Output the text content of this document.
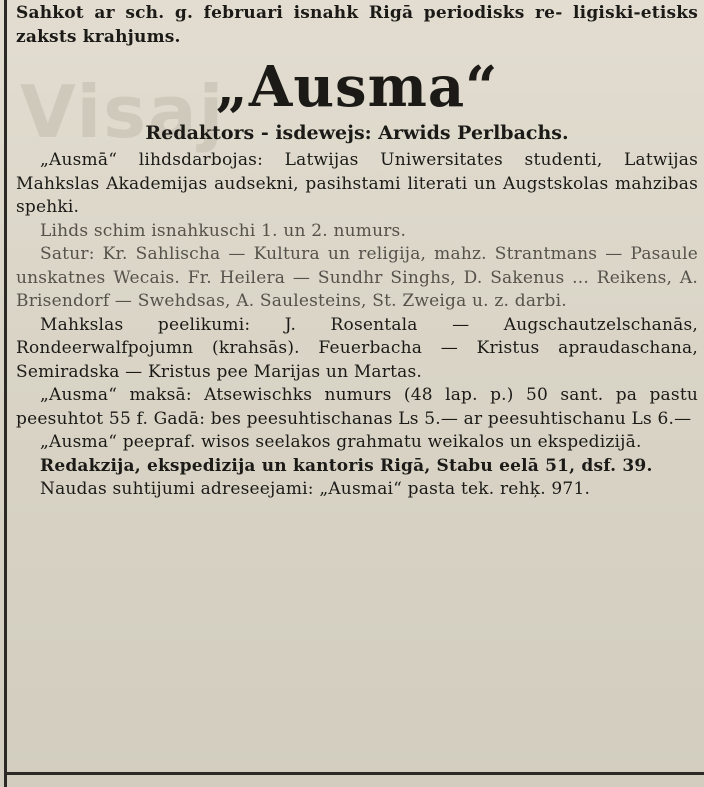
Visaj

Sahkot ar sch. g. februari isnahk Rigā periodisks re- ligiski-etisks zaksts krahjums.

„Ausma“

Redaktors - isdewejs: Arwids Perlbachs.

„Ausmā“ lihdsdarbojas: Latwijas Uniwersitates studenti, Latwijas Mahkslas Akademijas audsekni, pasihstami literati un Augstskolas mahzibas spehki.

Lihds schim isnahkuschi 1. un 2. numurs.

Satur: Kr. Sahlischa — Kultura un religija, mahz. Strantmans — Pasaule unskatnes Wecais. Fr. Heilera — Sundhr Singhs, D. Sakenus ... Reikens, A. Brisendorf — Swehdsas, A. Saulesteins, St. Zweiga u. z. darbi.

Mahkslas peelikumi: J. Rosentala — Augschautzelschanās, Rondeerwalfpojumn (krahsās). Feuerbacha — Kristus apraudaschana, Semiradska — Kristus pee Marijas un Martas.

„Ausma“ maksā: Atsewischks numurs (48 lap. p.) 50 sant. pa pastu peesuhtot 55 f. Gadā: bes peesuhtischanas Ls 5.— ar peesuhtischanu Ls 6.—

„Ausma“ peepraf. wisos seelakos grahmatu weikalos un ekspedizijā.

Redakzija, ekspedizija un kantoris Rigā, Stabu eelā 51, dsf. 39.

Naudas suhtijumi adreseejami: „Ausmai“ pasta tek. rehķ. 971.
